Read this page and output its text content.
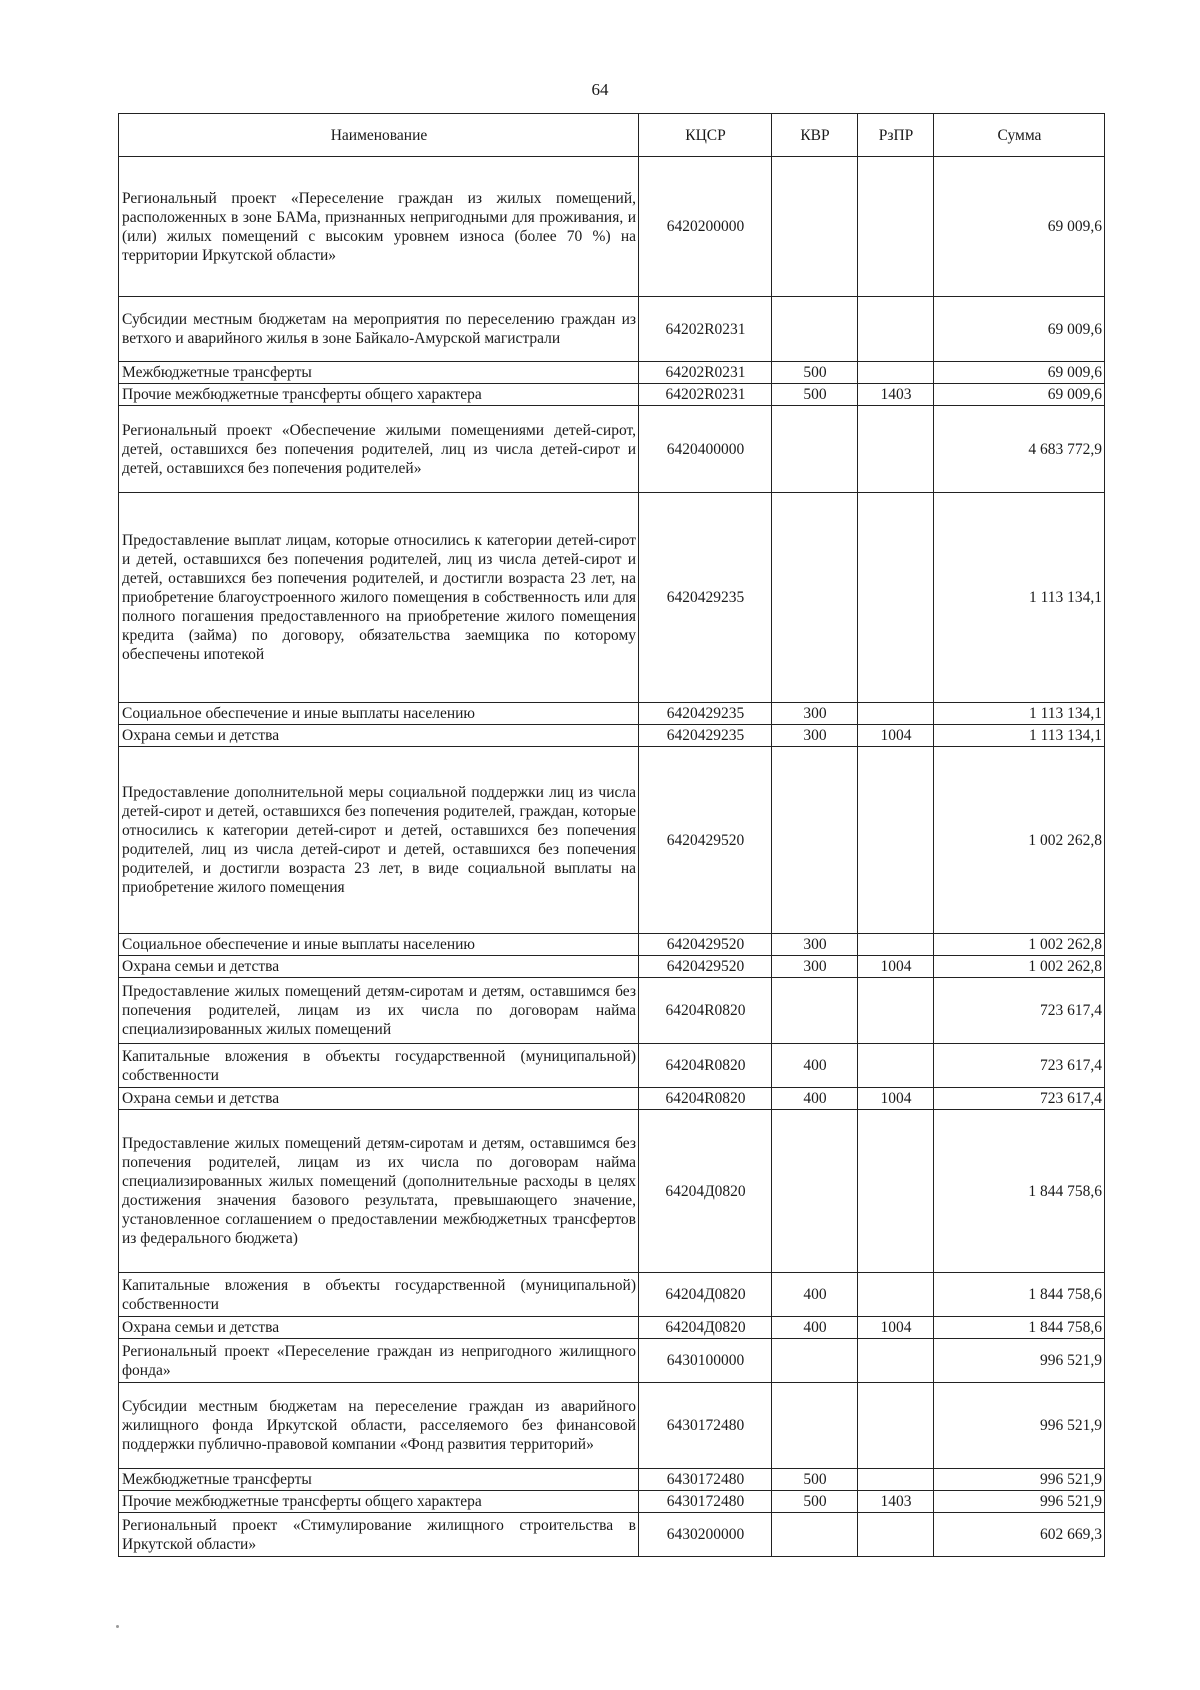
64
Наименование	КЦСР	КВР	РзПР	Сумма
Региональный проект «Переселение граждан из жилых помещений, расположенных в зоне БАМа, признанных непригодными для проживания, и (или) жилых помещений с высоким уровнем износа (более 70 %) на территории Иркутской области»	6420200000			69 009,6
Субсидии местным бюджетам на мероприятия по переселению граждан из ветхого и аварийного жилья в зоне Байкало-Амурской магистрали	64202R0231			69 009,6
Межбюджетные трансферты	64202R0231	500		69 009,6
Прочие межбюджетные трансферты общего характера	64202R0231	500	1403	69 009,6
Региональный проект «Обеспечение жилыми помещениями детей-сирот, детей, оставшихся без попечения родителей, лиц из числа детей-сирот и детей, оставшихся без попечения родителей»	6420400000			4 683 772,9
Предоставление выплат лицам, которые относились к категории детей-сирот и детей, оставшихся без попечения родителей, лиц из числа детей-сирот и детей, оставшихся без попечения родителей, и достигли возраста 23 лет, на приобретение благоустроенного жилого помещения в собственность или для полного погашения предоставленного на приобретение жилого помещения кредита (займа) по договору, обязательства заемщика по которому обеспечены ипотекой	6420429235			1 113 134,1
Социальное обеспечение и иные выплаты населению	6420429235	300		1 113 134,1
Охрана семьи и детства	6420429235	300	1004	1 113 134,1
Предоставление дополнительной меры социальной поддержки лиц из числа детей-сирот и детей, оставшихся без попечения родителей, граждан, которые относились к категории детей-сирот и детей, оставшихся без попечения родителей, лиц из числа детей-сирот и детей, оставшихся без попечения родителей, и достигли возраста 23 лет, в виде социальной выплаты на приобретение жилого помещения	6420429520			1 002 262,8
Социальное обеспечение и иные выплаты населению	6420429520	300		1 002 262,8
Охрана семьи и детства	6420429520	300	1004	1 002 262,8
Предоставление жилых помещений детям-сиротам и детям, оставшимся без попечения родителей, лицам из их числа по договорам найма специализированных жилых помещений	64204R0820			723 617,4
Капитальные вложения в объекты государственной (муниципальной) собственности	64204R0820	400		723 617,4
Охрана семьи и детства	64204R0820	400	1004	723 617,4
Предоставление жилых помещений детям-сиротам и детям, оставшимся без попечения родителей, лицам из их числа по договорам найма специализированных жилых помещений (дополнительные расходы в целях достижения значения базового результата, превышающего значение, установленное соглашением о предоставлении межбюджетных трансфертов из федерального бюджета)	64204Д0820			1 844 758,6
Капитальные вложения в объекты государственной (муниципальной) собственности	64204Д0820	400		1 844 758,6
Охрана семьи и детства	64204Д0820	400	1004	1 844 758,6
Региональный проект «Переселение граждан из непригодного жилищного фонда»	6430100000			996 521,9
Субсидии местным бюджетам на переселение граждан из аварийного жилищного фонда Иркутской области, расселяемого без финансовой поддержки публично-правовой компании «Фонд развития территорий»	6430172480			996 521,9
Межбюджетные трансферты	6430172480	500		996 521,9
Прочие межбюджетные трансферты общего характера	6430172480	500	1403	996 521,9
Региональный проект «Стимулирование жилищного строительства в Иркутской области»	6430200000			602 669,3
